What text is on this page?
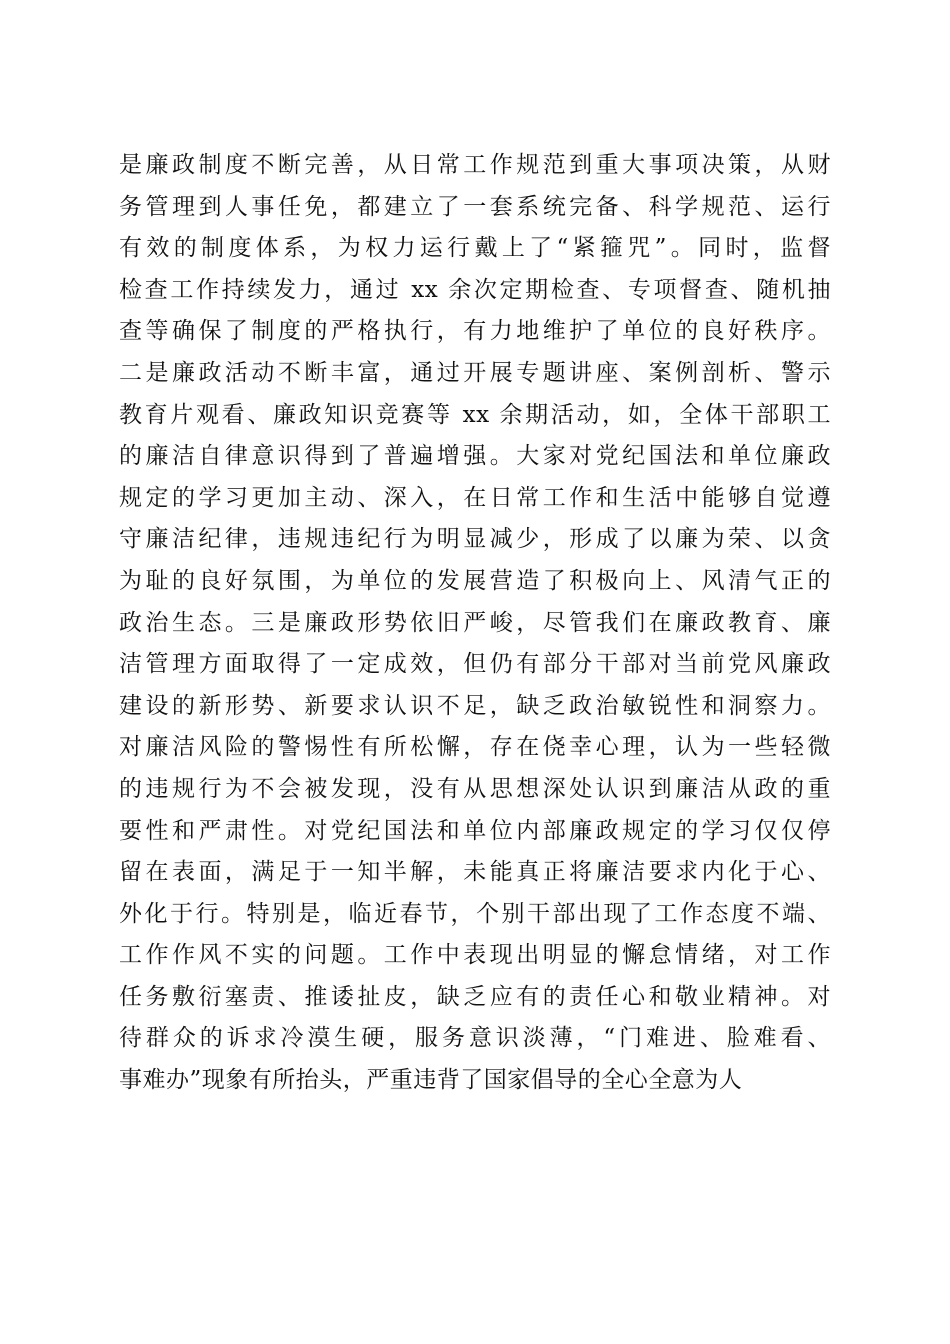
是廉政制度不断完善，从日常工作规范到重大事项决策，从财
务管理到人事任免，都建立了一套系统完备、科学规范、运行
有效的制度体系，为权力运行戴上了“紧箍咒”。同时，监督
检查工作持续发力，通过 xx 余次定期检查、专项督查、随机抽
查等确保了制度的严格执行，有力地维护了单位的良好秩序。
二是廉政活动不断丰富，通过开展专题讲座、案例剖析、警示
教育片观看、廉政知识竞赛等 xx 余期活动，如，全体干部职工
的廉洁自律意识得到了普遍增强。大家对党纪国法和单位廉政
规定的学习更加主动、深入，在日常工作和生活中能够自觉遵
守廉洁纪律，违规违纪行为明显减少，形成了以廉为荣、以贪
为耻的良好氛围，为单位的发展营造了积极向上、风清气正的
政治生态。三是廉政形势依旧严峻，尽管我们在廉政教育、廉
洁管理方面取得了一定成效，但仍有部分干部对当前党风廉政
建设的新形势、新要求认识不足，缺乏政治敏锐性和洞察力。
对廉洁风险的警惕性有所松懈，存在侥幸心理，认为一些轻微
的违规行为不会被发现，没有从思想深处认识到廉洁从政的重
要性和严肃性。对党纪国法和单位内部廉政规定的学习仅仅停
留在表面，满足于一知半解，未能真正将廉洁要求内化于心、
外化于行。特别是，临近春节，个别干部出现了工作态度不端、
工作作风不实的问题。工作中表现出明显的懈怠情绪，对工作
任务敷衍塞责、推诿扯皮，缺乏应有的责任心和敬业精神。对
待群众的诉求冷漠生硬，服务意识淡薄，“门难进、脸难看、
事难办”现象有所抬头，严重违背了国家倡导的全心全意为人
